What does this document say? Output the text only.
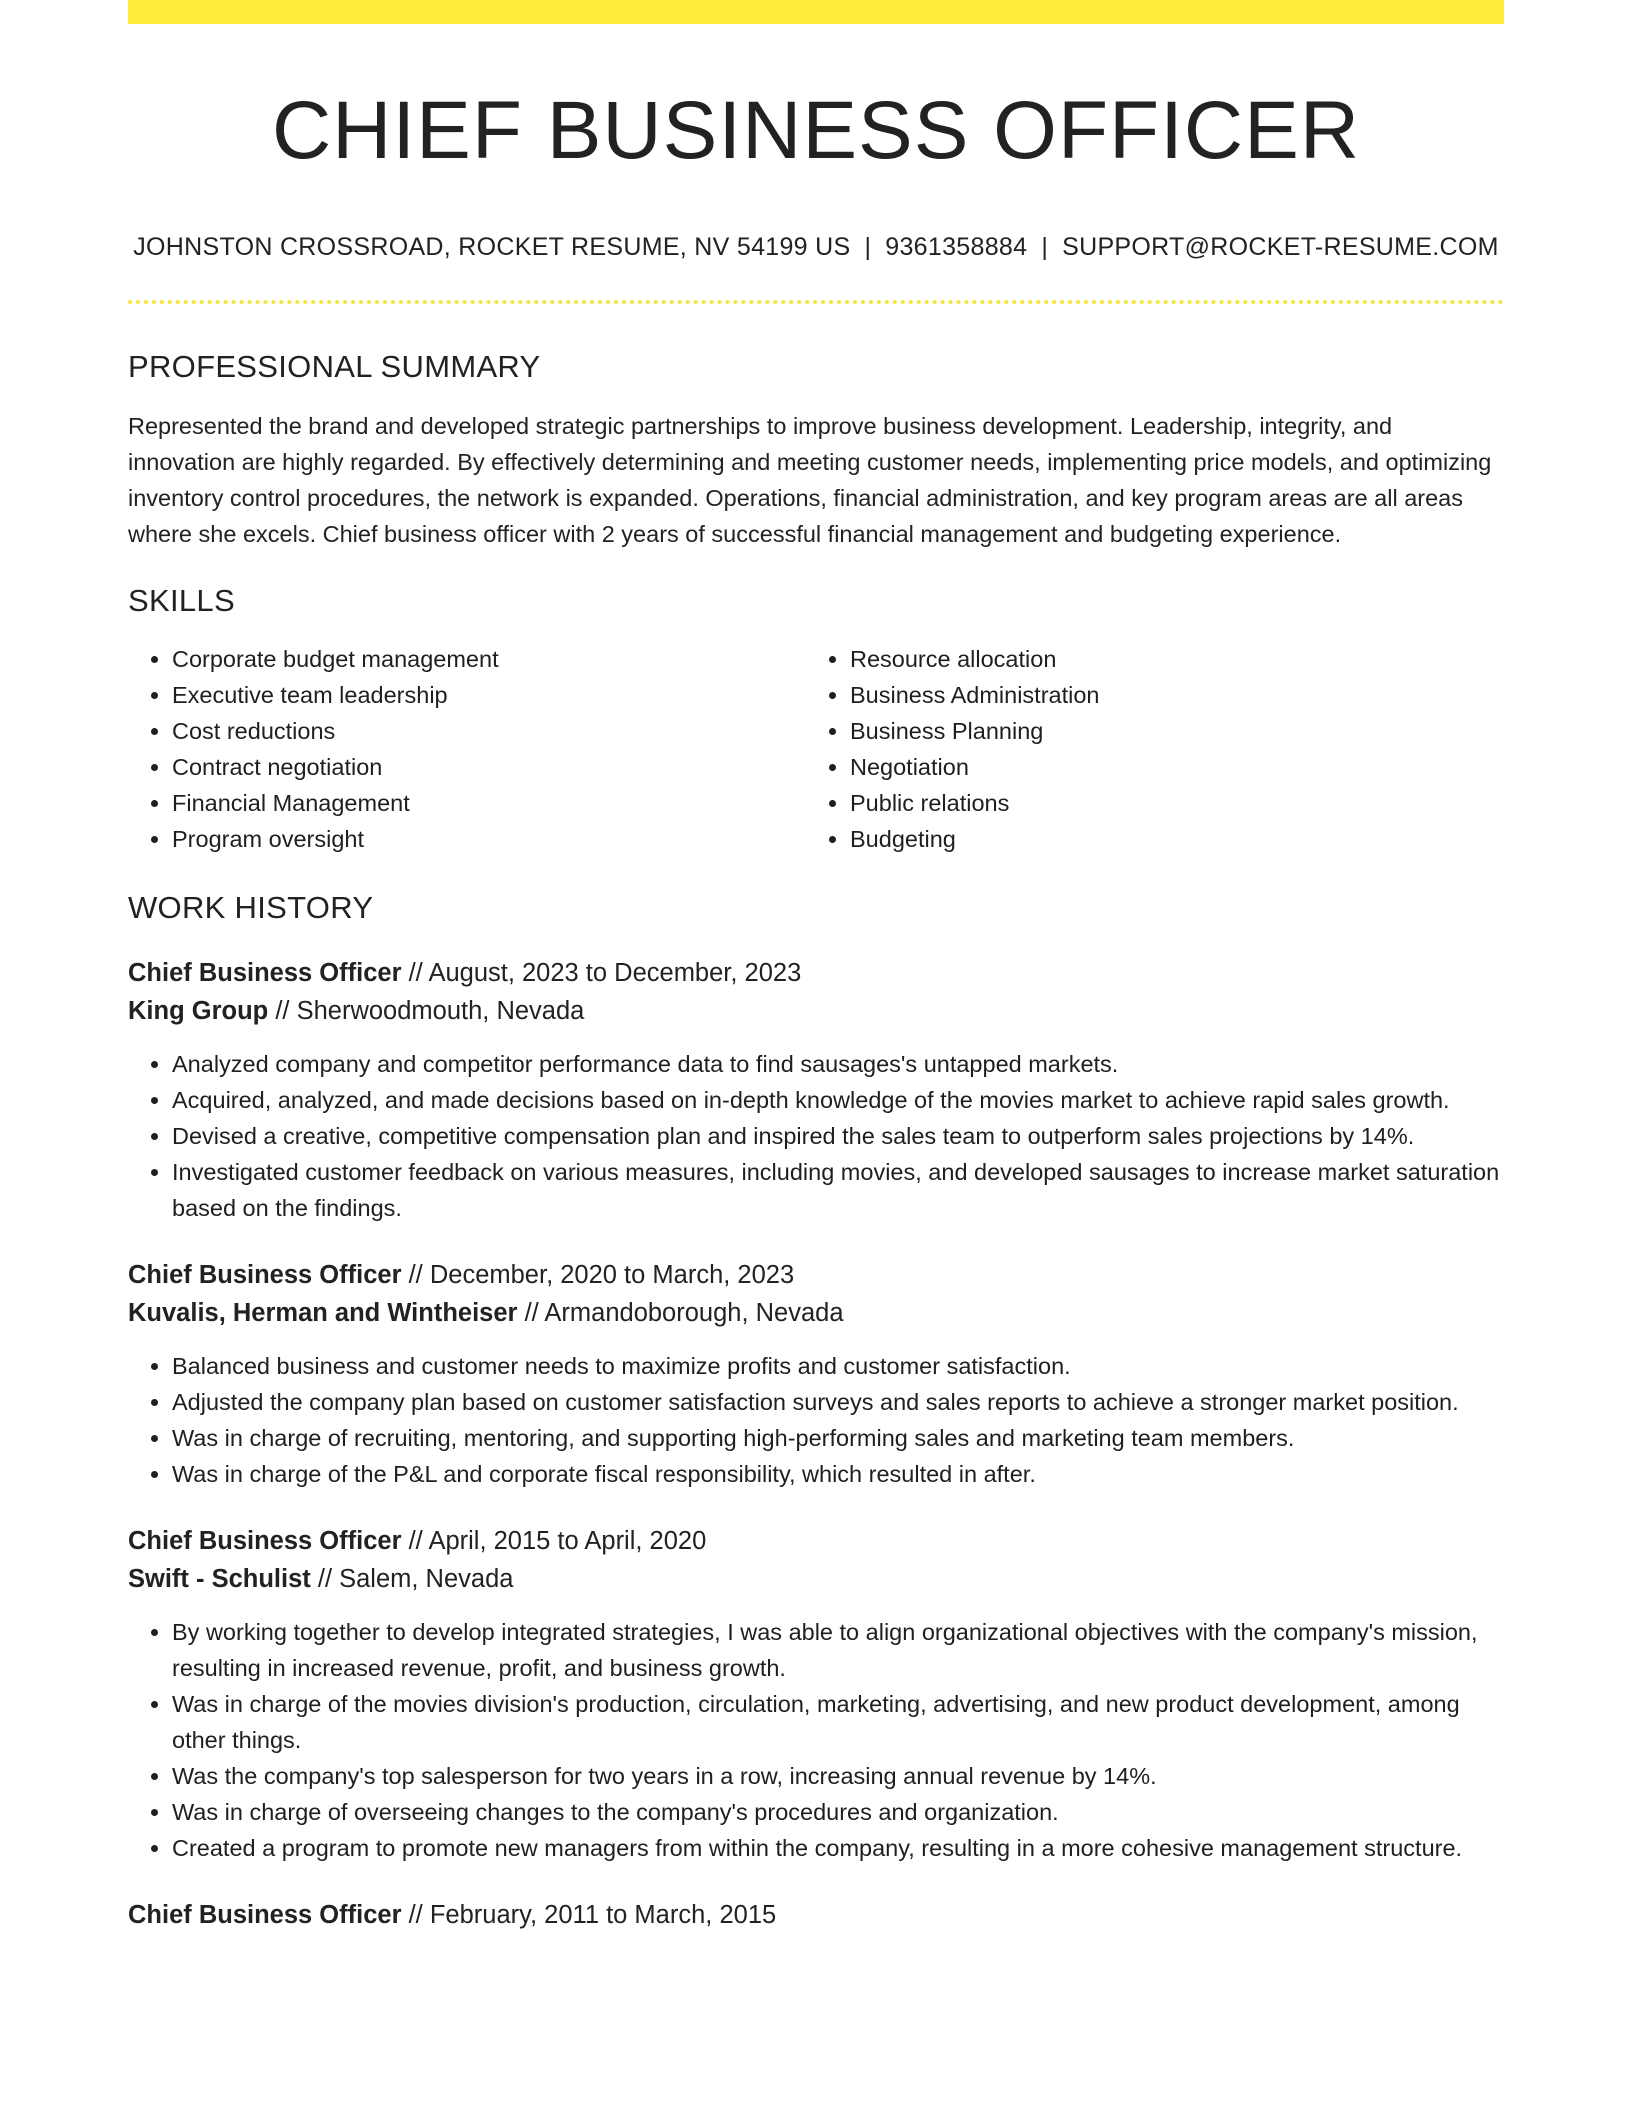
CHIEF BUSINESS OFFICER
JOHNSTON CROSSROAD, ROCKET RESUME, NV 54199 US | 9361358884 | SUPPORT@ROCKET-RESUME.COM
PROFESSIONAL SUMMARY

Represented the brand and developed strategic partnerships to improve business development. Leadership, integrity, and innovation are highly regarded. By effectively determining and meeting customer needs, implementing price models, and optimizing inventory control procedures, the network is expanded. Operations, financial administration, and key program areas are all areas where she excels. Chief business officer with 2 years of successful financial management and budgeting experience.

SKILLS
• Corporate budget management
• Executive team leadership
• Cost reductions
• Contract negotiation
• Financial Management
• Program oversight
• Resource allocation
• Business Administration
• Business Planning
• Negotiation
• Public relations
• Budgeting
WORK HISTORY
Chief Business Officer // August, 2023 to December, 2023
King Group // Sherwoodmouth, Nevada
• Analyzed company and competitor performance data to find sausages's untapped markets.
• Acquired, analyzed, and made decisions based on in-depth knowledge of the movies market to achieve rapid sales growth.
• Devised a creative, competitive compensation plan and inspired the sales team to outperform sales projections by 14%.
• Investigated customer feedback on various measures, including movies, and developed sausages to increase market saturation based on the findings.
Chief Business Officer // December, 2020 to March, 2023
Kuvalis, Herman and Wintheiser // Armandoborough, Nevada
• Balanced business and customer needs to maximize profits and customer satisfaction.
• Adjusted the company plan based on customer satisfaction surveys and sales reports to achieve a stronger market position.
• Was in charge of recruiting, mentoring, and supporting high-performing sales and marketing team members.
• Was in charge of the P&L and corporate fiscal responsibility, which resulted in after.
Chief Business Officer // April, 2015 to April, 2020
Swift - Schulist // Salem, Nevada
• By working together to develop integrated strategies, I was able to align organizational objectives with the company's mission, resulting in increased revenue, profit, and business growth.
• Was in charge of the movies division's production, circulation, marketing, advertising, and new product development, among other things.
• Was the company's top salesperson for two years in a row, increasing annual revenue by 14%.
• Was in charge of overseeing changes to the company's procedures and organization.
• Created a program to promote new managers from within the company, resulting in a more cohesive management structure.
Chief Business Officer // February, 2011 to March, 2015
